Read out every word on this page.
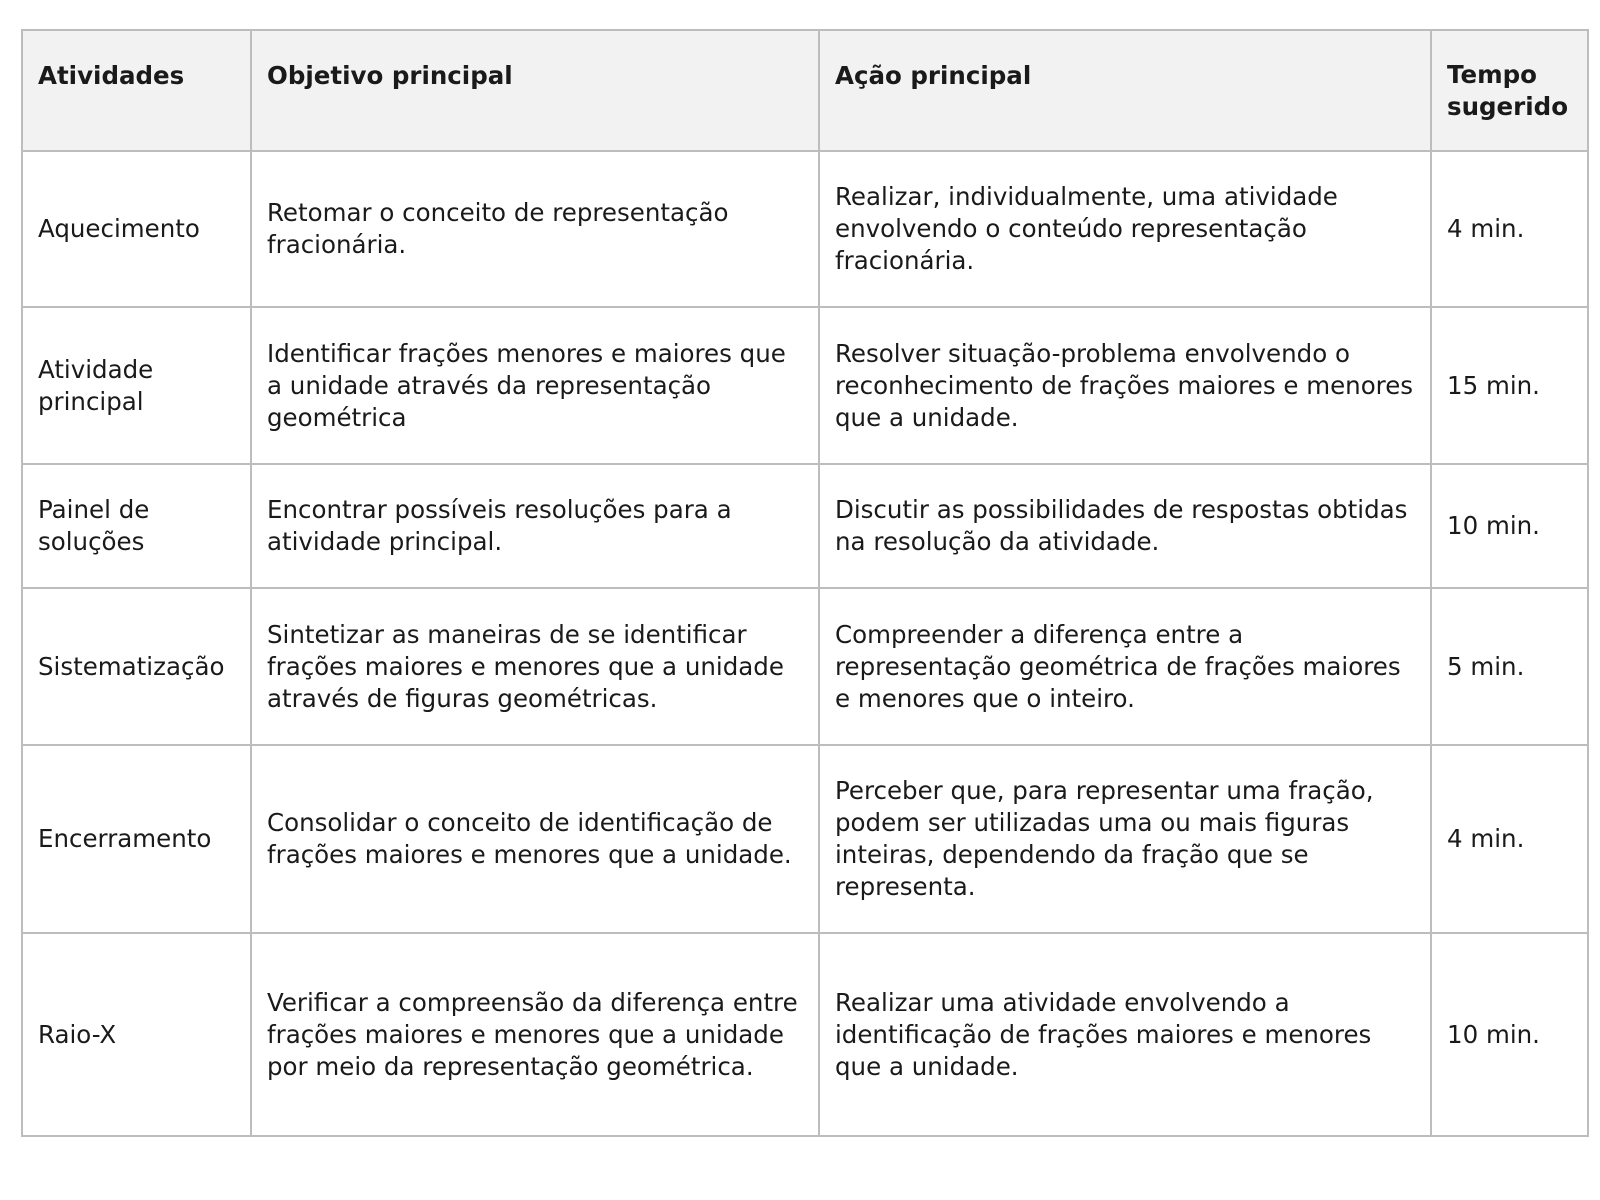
Atividades	Objetivo principal	Ação principal	Tempo sugerido

Aquecimento	Retomar o conceito de representação fracionária.	Realizar, individualmente, uma atividade envolvendo o conteúdo representação fracionária.	4 min.
Atividade principal	Identificar frações menores e maiores que a unidade através da representação geométrica	Resolver situação-problema envolvendo o reconhecimento de frações maiores e menores que a unidade.	15 min.
Painel de soluções	Encontrar possíveis resoluções para a atividade principal.	Discutir as possibilidades de respostas obtidas na resolução da atividade.	10 min.
Sistematização	Sintetizar as maneiras de se identificar frações maiores e menores que a unidade através de figuras geométricas.	Compreender a diferença entre a representação geométrica de frações maiores e menores que o inteiro.	5 min.
Encerramento	Consolidar o conceito de identificação de frações maiores e menores que a unidade.	Perceber que, para representar uma fração, podem ser utilizadas uma ou mais figuras inteiras, dependendo da fração que se representa.	4 min.
Raio-X	Verificar a compreensão da diferença entre frações maiores e menores que a unidade por meio da representação geométrica.	Realizar uma atividade envolvendo a identificação de frações maiores e menores que a unidade.	10 min.
